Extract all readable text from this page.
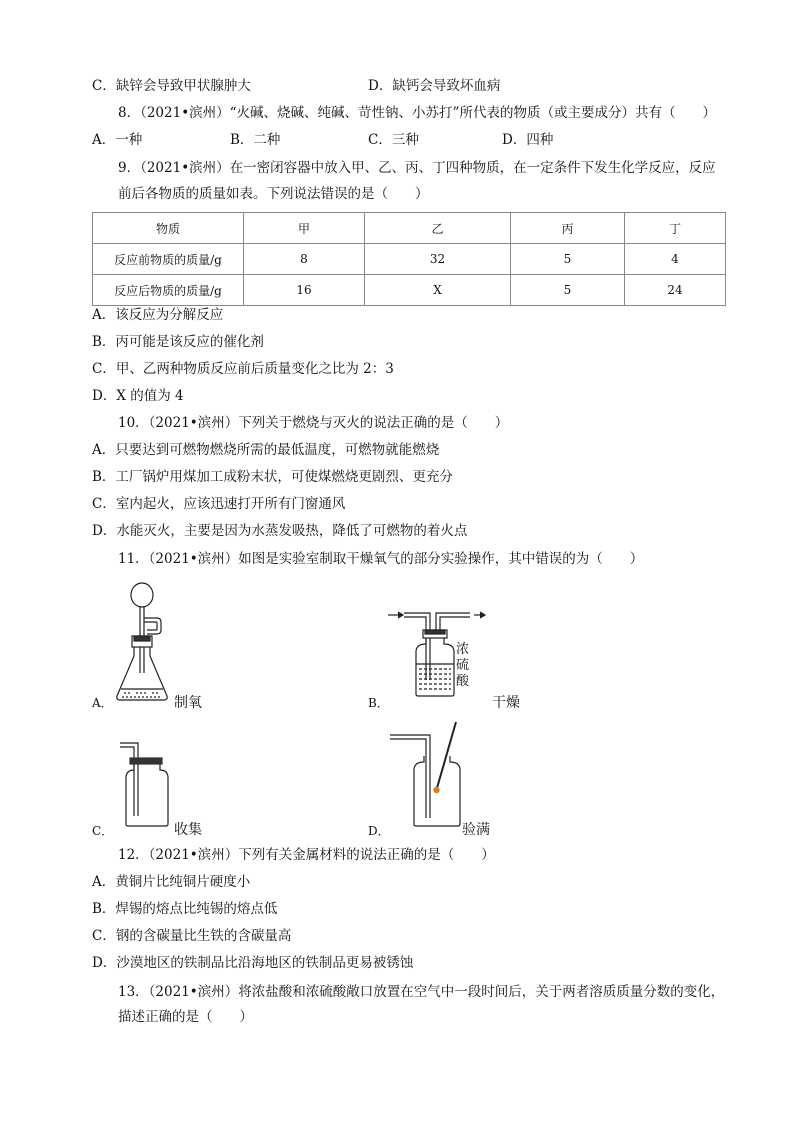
C．缺锌会导致甲状腺肿大	D．缺钙会导致坏血病
8．（2021•滨州）“火碱、烧碱、纯碱、苛性钠、小苏打”所代表的物质（或主要成分）共有（　　）
A．一种	B．二种	C．三种	D．四种
9．（2021•滨州）在一密闭容器中放入甲、乙、丙、丁四种物质，在一定条件下发生化学反应，反应
前后各物质的质量如表。下列说法错误的是（　　）
物质	甲	乙	丙	丁
反应前物质的质量/g	8	32	5	4
反应后物质的质量/g	16	X	5	24
A．该反应为分解反应
B．丙可能是该反应的催化剂
C．甲、乙两种物质反应前后质量变化之比为 2：3
D．X 的值为 4
10．（2021•滨州）下列关于燃烧与灭火的说法正确的是（　　）
A．只要达到可燃物燃烧所需的最低温度，可燃物就能燃烧
B．工厂锅炉用煤加工成粉末状，可使煤燃烧更剧烈、更充分
C．室内起火，应该迅速打开所有门窗通风
D．水能灭火，主要是因为水蒸发吸热，降低了可燃物的着火点
11．（2021•滨州）如图是实验室制取干燥氧气的部分实验操作，其中错误的为（　　）
A．	制氧
浓
硫
酸
B．	干燥
C．	收集	D．	验满
12．（2021•滨州）下列有关金属材料的说法正确的是（　　）
A．黄铜片比纯铜片硬度小
B．焊锡的熔点比纯锡的熔点低
C．钢的含碳量比生铁的含碳量高
D．沙漠地区的铁制品比沿海地区的铁制品更易被锈蚀
13．（2021•滨州）将浓盐酸和浓硫酸敞口放置在空气中一段时间后，关于两者溶质质量分数的变化，
描述正确的是（　　）
